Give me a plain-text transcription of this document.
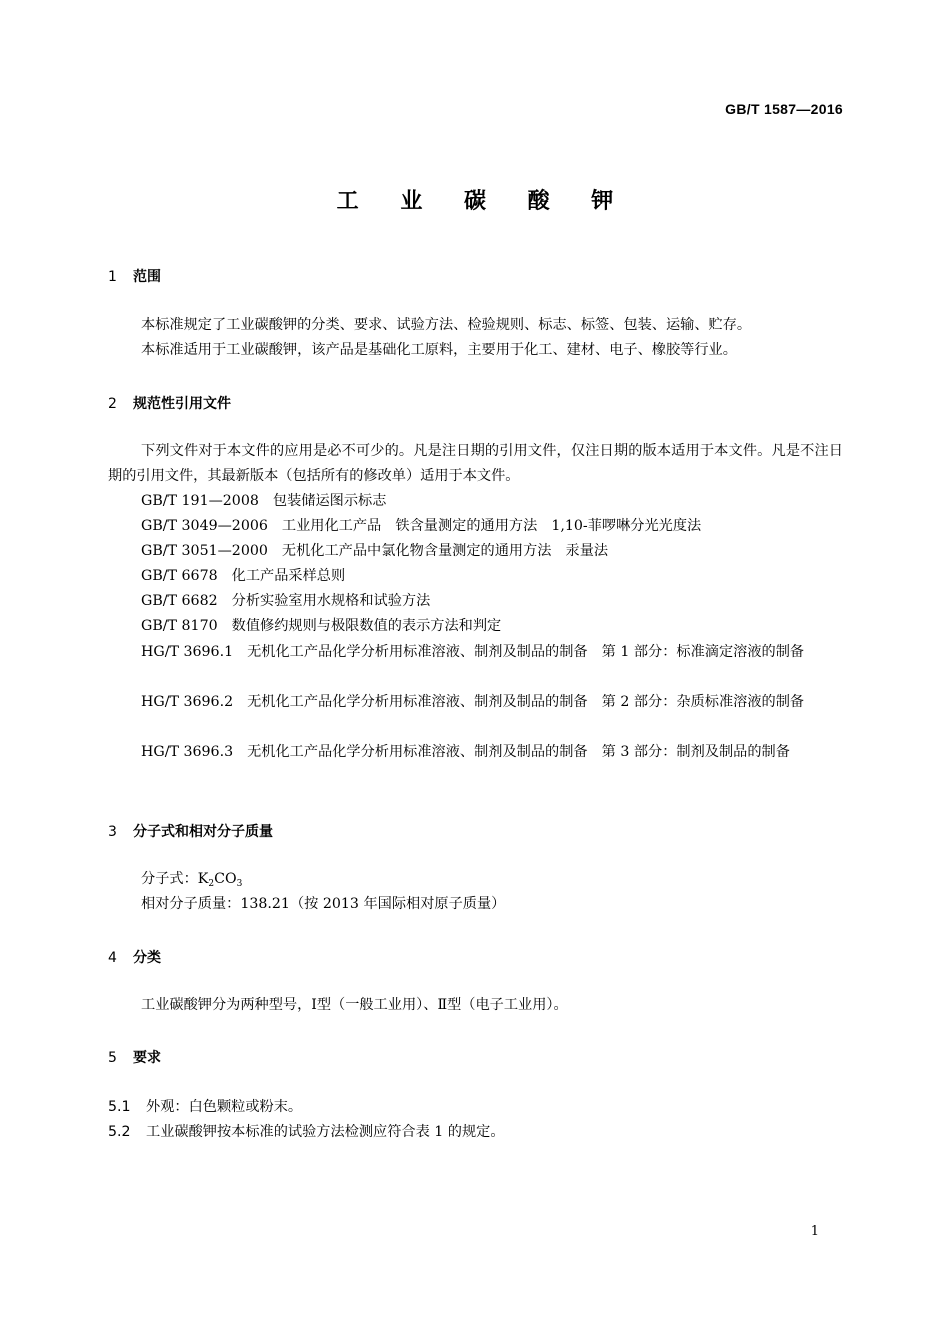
GB/T 1587—2016
工 业 碳 酸 钾
1 范围
本标准规定了工业碳酸钾的分类、要求、试验方法、检验规则、标志、标签、包装、运输、贮存。
本标准适用于工业碳酸钾，该产品是基础化工原料，主要用于化工、建材、电子、橡胶等行业。
2 规范性引用文件
下列文件对于本文件的应用是必不可少的。凡是注日期的引用文件，仅注日期的版本适用于本文件。凡是不注日期的引用文件，其最新版本（包括所有的修改单）适用于本文件。
GB/T 191—2008 包装储运图示标志
GB/T 3049—2006 工业用化工产品　铁含量测定的通用方法 1,10-菲啰啉分光光度法
GB/T 3051—2000 无机化工产品中氯化物含量测定的通用方法 汞量法
GB/T 6678 化工产品采样总则
GB/T 6682 分析实验室用水规格和试验方法
GB/T 8170 数值修约规则与极限数值的表示方法和判定
HG/T 3696.1 无机化工产品化学分析用标准溶液、制剂及制品的制备 第 1 部分：标准滴定溶液的制备
HG/T 3696.2 无机化工产品化学分析用标准溶液、制剂及制品的制备 第 2 部分：杂质标准溶液的制备
HG/T 3696.3 无机化工产品化学分析用标准溶液、制剂及制品的制备 第 3 部分：制剂及制品的制备
3 分子式和相对分子质量
分子式：$K_2CO_3$
相对分子质量：138.21（按 2013 年国际相对原子质量）
4 分类
工业碳酸钾分为两种型号，Ⅰ型（一般工业用）、Ⅱ型（电子工业用）。
5 要求
5.1 外观：白色颗粒或粉末。
5.2 工业碳酸钾按本标准的试验方法检测应符合表 1 的规定。
1
